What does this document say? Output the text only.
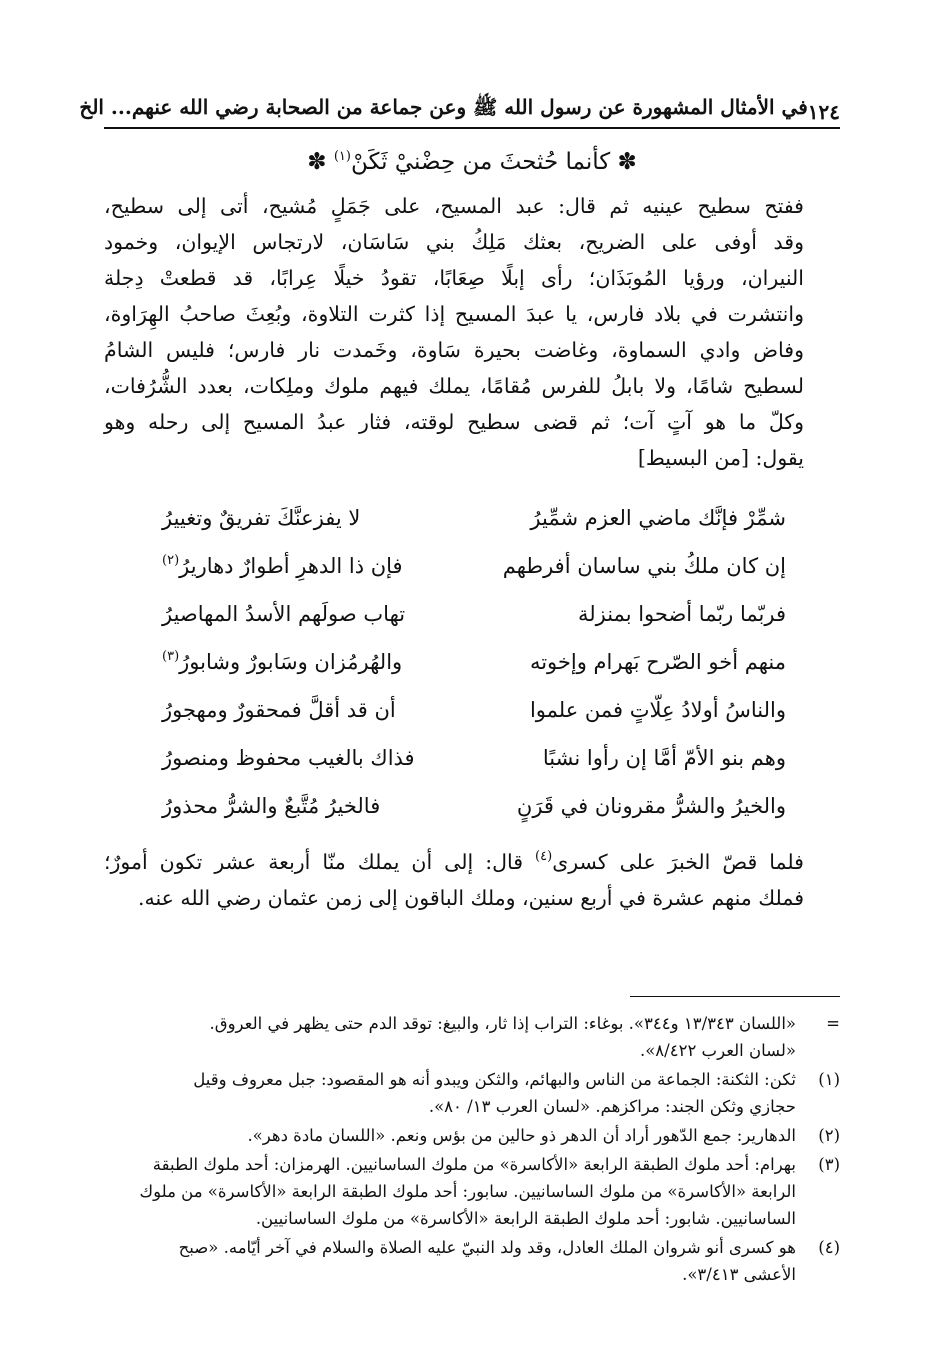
١٢٤
في الأمثال المشهورة عن رسول الله ﷺ وعن جماعة من الصحابة رضي الله عنهم... الخ
✽ كأنما حُثحثَ من حِضْنيْ ثَكَنْ$^{(١)}$ ✽
ففتح سطيح عينيه ثم قال: عبد المسيح، على جَمَلٍ مُشيح، أتى إلى سطيح،
وقد أوفى على الضريح، بعثك مَلِكُ بني سَاسَان، لارتجاس الإيوان، وخمود
النيران، ورؤيا المُوبَذَان؛ رأى إبلًا صِعَابًا، تقودُ خيلًا عِرابًا، قد قطعتْ دِجلة
وانتشرت في بلاد فارس، يا عبدَ المسيح إذا كثرت التلاوة، وبُعِثَ صاحبُ الهِرَاوة،
وفاض وادي السماوة، وغاضت بحيرة سَاوة، وخَمدت نار فارس؛ فليس الشامُ
لسطيح شامًا، ولا بابلُ للفرس مُقامًا، يملك فيهم ملوك وملِكات، بعدد الشُّرُفات،
وكلّ ما هو آتٍ آت؛ ثم قضى سطيح لوقته، فثار عبدُ المسيح إلى رحله وهو
يقول: [من البسيط]
شمِّرْ فإنَّك ماضي العزم شمِّيرُ
لا يفزعنَّكَ تفريقٌ وتغييرُ
إن كان ملكُ بني ساسان أفرطهم
فإن ذا الدهرِ أطوارٌ دهاريرُ$^{(٢)}$
فربّما ربّما أضحوا بمنزلة
تهاب صولَهم الأسدُ المهاصيرُ
منهم أخو الصّرح بَهرام وإخوته
والهُرمُزان وسَابورٌ وشابورُ$^{(٣)}$
والناسُ أولادُ عِلّاتٍ فمن علموا
أن قد أقلَّ فمحقورٌ ومهجورُ
وهم بنو الأمّ أمَّا إن رأوا نشبًا
فذاك بالغيب محفوظ ومنصورُ
والخيرُ والشرُّ مقرونان في قَرَنٍ
فالخيرُ مُتَّبعٌ والشرُّ محذورُ
فلما قصّ الخبرَ على كسرى$^{(٤)}$ قال: إلى أن يملك منّا أربعة عشر تكون أمورٌ؛
فملك منهم عشرة في أربع سنين، وملك الباقون إلى زمن عثمان رضي الله عنه.
=
«اللسان ١٣/٣٤٣ و٣٤٤». بوغاء: التراب إذا ثار، والبيغ: توقد الدم حتى يظهر في العروق.
«لسان العرب ٨/٤٢٢».
(١)
ثكن: الثكنة: الجماعة من الناس والبهائم، والثكن ويبدو أنه هو المقصود: جبل معروف وقيل
حجازي وثكن الجند: مراكزهم. «لسان العرب ١٣/ ٨٠».
(٢)
الدهارير: جمع الدّهور أراد أن الدهر ذو حالين من بؤس ونعم. «اللسان مادة دهر».
(٣)
بهرام: أحد ملوك الطبقة الرابعة «الأكاسرة» من ملوك الساسانيين. الهرمزان: أحد ملوك الطبقة
الرابعة «الأكاسرة» من ملوك الساسانيين. سابور: أحد ملوك الطبقة الرابعة «الأكاسرة» من ملوك
الساسانيين. شابور: أحد ملوك الطبقة الرابعة «الأكاسرة» من ملوك الساسانيين.
(٤)
هو كسرى أنو شروان الملك العادل، وقد ولد النبيّ عليه الصلاة والسلام في آخر أيّامه. «صبح
الأعشى ٣/٤١٣».
